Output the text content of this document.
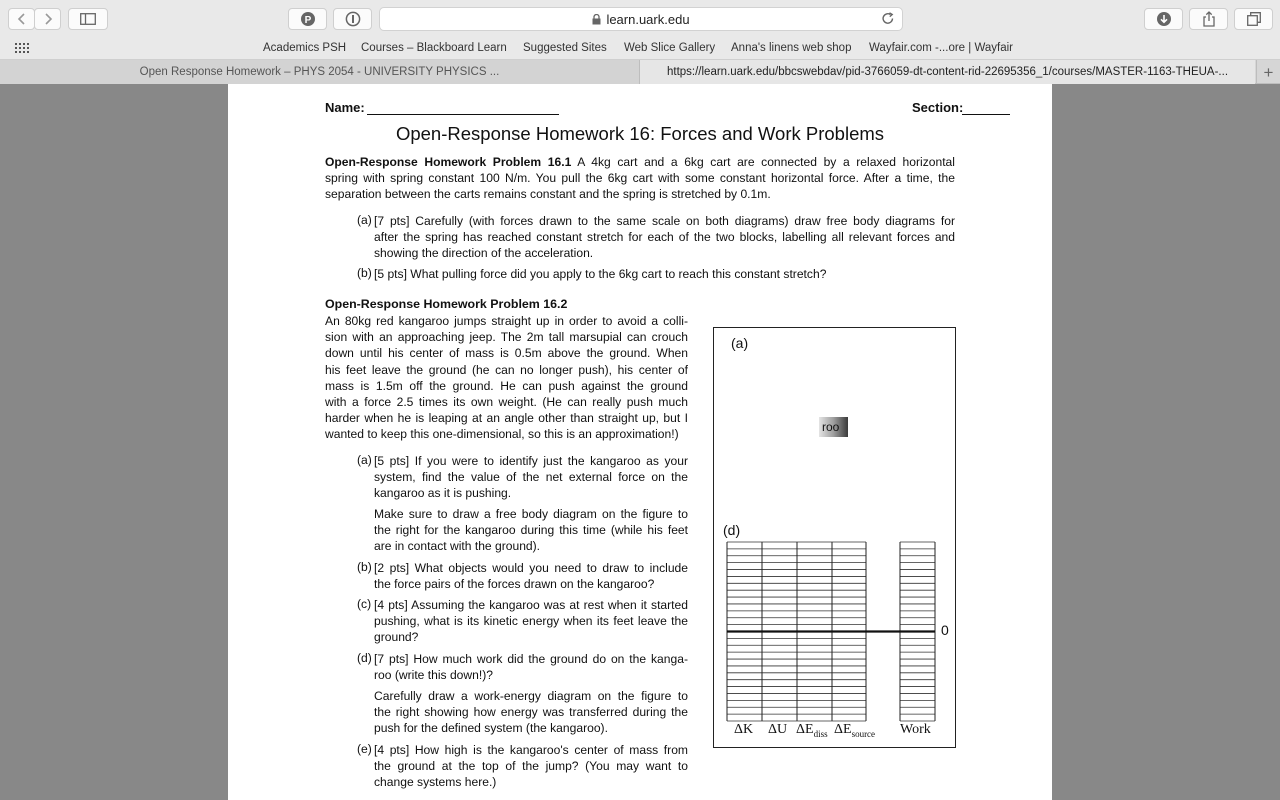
P	learn.uark.edu
Academics PSH Courses – Blackboard Learn Suggested Sites Web Slice Gallery Anna's linens web shop Wayfair.com -...ore | Wayfair
Open Response Homework – PHYS 2054 - UNIVERSITY PHYSICS ...	https://learn.uark.edu/bbcswebdav/pid-3766059-dt-content-rid-22695356_1/courses/MASTER-1163-THEUA-... +
Name:	Section:
Open-Response Homework 16: Forces and Work Problems
Open-Response Homework Problem 16.1 A 4kg cart and a 6kg cart are connected by a relaxed horizontal
spring with spring constant 100 N/m. You pull the 6kg cart with some constant horizontal force. After a time, the
separation between the carts remains constant and the spring is stretched by 0.1m.
(a) [7 pts] Carefully (with forces drawn to the same scale on both diagrams) draw free body diagrams for
after the spring has reached constant stretch for each of the two blocks, labelling all relevant forces and
showing the direction of the acceleration.
(b) [5 pts] What pulling force did you apply to the 6kg cart to reach this constant stretch?
Open-Response Homework Problem 16.2
An 80kg red kangaroo jumps straight up in order to avoid a colli-
sion with an approaching jeep. The 2m tall marsupial can crouch
down until his center of mass is 0.5m above the ground. When
his feet leave the ground (he can no longer push), his center of
mass is 1.5m off the ground. He can push against the ground
with a force 2.5 times its own weight. (He can really push much
harder when he is leaping at an angle other than straight up, but I
wanted to keep this one-dimensional, so this is an approximation!)
(a) [5 pts] If you were to identify just the kangaroo as your
system, find the value of the net external force on the
kangaroo as it is pushing.
Make sure to draw a free body diagram on the figure to
the right for the kangaroo during this time (while his feet
are in contact with the ground).
(b) [2 pts] What objects would you need to draw to include
the force pairs of the forces drawn on the kangaroo?
(c) [4 pts] Assuming the kangaroo was at rest when it started
pushing, what is its kinetic energy when its feet leave the
ground?
(d) [7 pts] How much work did the ground do on the kanga-
roo (write this down!)?
Carefully draw a work-energy diagram on the figure to
the right showing how energy was transferred during the
push for the defined system (the kangaroo).
(e) [4 pts] How high is the kangaroo's center of mass from
the ground at the top of the jump? (You may want to
change systems here.)
(a)
roo
(d)
0
ΔK ΔU $\Delta E_{diss}$ $\Delta E_{source}$ Work
